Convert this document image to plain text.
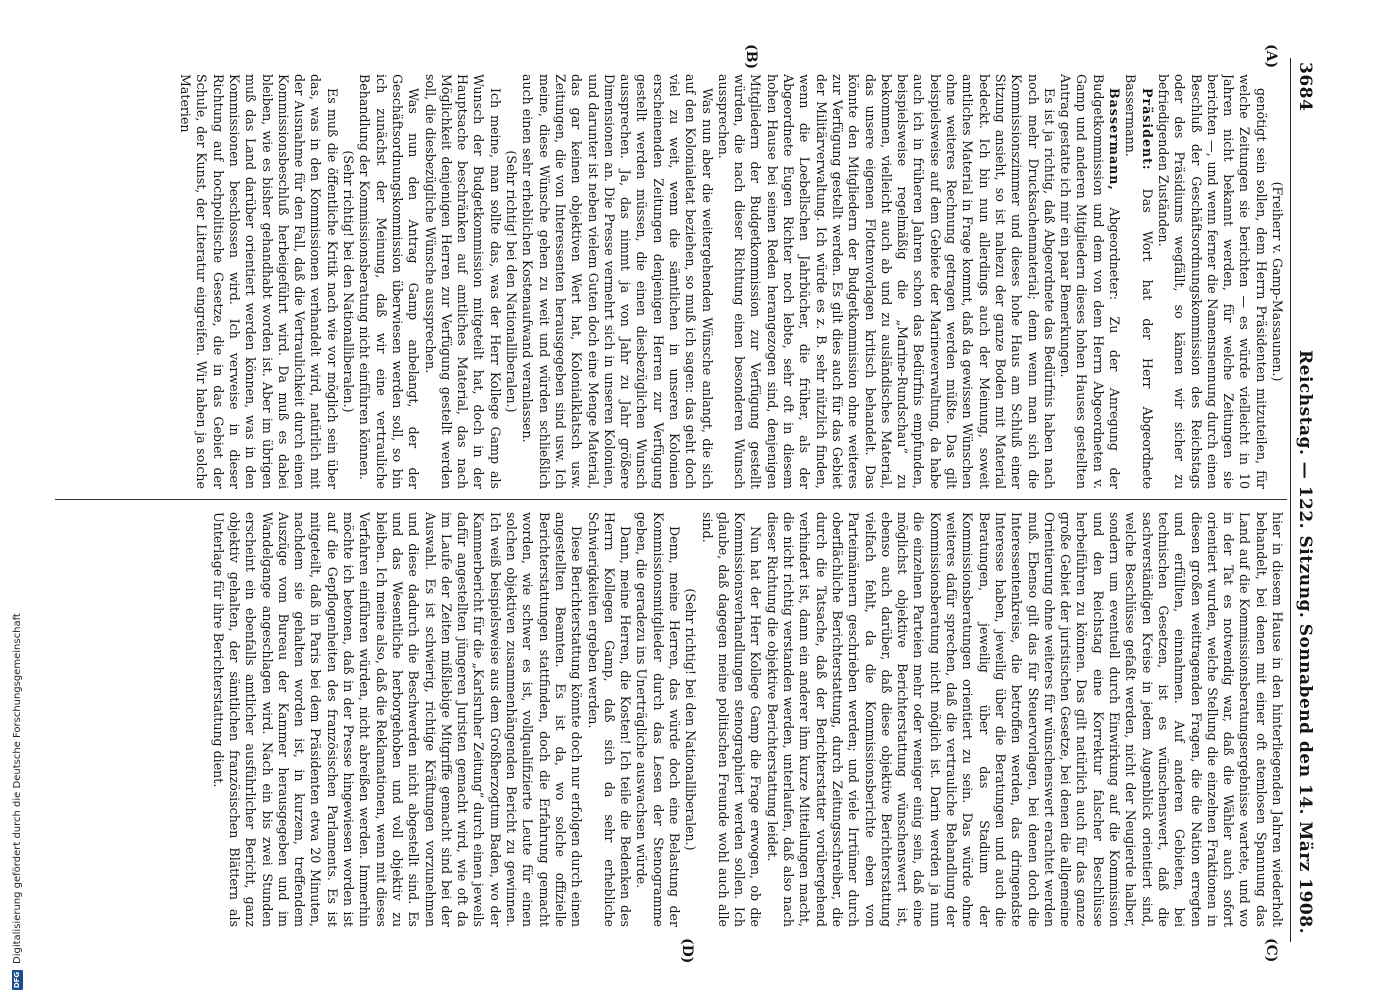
3684
Reichstag. — 122. Sitzung.
Sonnabend den 14. März 1908.
(A)
(B)
(C)
(D)

(Freiherr v. Gamp-Massaunen.)

genötigt sein sollen, dem Herrn Präsidenten mitzuteilen, für welche Zeitungen sie berichten — es würde vielleicht in 10 Jahren nicht bekannt werden, für welche Zeitungen sie berichten —, und wenn ferner die Namensnennung durch einen Beschluß der Geschäftsordnungskommission des Reichstags oder des Präsidiums wegfällt, so kämen wir sicher zu befriedigenden Zuständen.

Präsident: Das Wort hat der Herr Abgeordnete Bassermann.

Bassermann, Abgeordneter: Zu der Anregung der Budgetkommission und dem von dem Herrn Abgeordneten v. Gamp und anderen Mitgliedern dieses hohen Hauses gestellten Antrag gestatte ich mir ein paar Bemerkungen.

Es ist ja richtig, daß Abgeordnete das Bedürfnis haben nach noch mehr Drucksachenmaterial; denn wenn man sich die Kommissionszimmer und dieses hohe Haus am Schluß einer Sitzung ansieht, so ist nahezu der ganze Boden mit Material bedeckt. Ich bin nun allerdings auch der Meinung, soweit amtliches Material in Frage kommt, daß da gewissen Wünschen ohne weiteres Rechnung getragen werden müßte. Das gilt beispielsweise auf dem Gebiete der Marineverwaltung, da habe auch ich in früheren Jahren schon das Bedürfnis empfunden, beispielsweise regelmäßig die „Marine-Rundschau“ zu bekommen, vielleicht auch ab und zu ausländisches Material, das unsere eigenen Flottenvorlagen kritisch behandelt. Das könnte den Mitgliedern der Budgetkommission ohne weiteres zur Verfügung gestellt werden. Es gilt dies auch für das Gebiet der Militärverwaltung. Ich würde es z. B. sehr nützlich finden, wenn die Loebellschen Jahrbücher, die früher, als der Abgeordnete Eugen Richter noch lebte, sehr oft in diesem hohen Hause bei seinen Reden herangezogen sind, denjenigen Mitgliedern der Budgetkommission zur Verfügung gestellt würden, die nach dieser Richtung einen besonderen Wunsch aussprechen.

Was nun aber die weitergehenden Wünsche anlangt, die sich auf den Kolonialetat beziehen, so muß ich sagen: das geht doch viel zu weit, wenn die sämtlichen in unseren Kolonien erscheinenden Zeitungen denjenigen Herren zur Verfügung gestellt werden müssen, die einen diesbezüglichen Wunsch aussprechen. Ja, das nimmt ja von Jahr zu Jahr größere Dimensionen an. Die Presse vermehrt sich in unseren Kolonien, und darunter ist neben vielem Guten doch eine Menge Material, das gar keinen objektiven Wert hat, Kolonialklatsch usw. Zeitungen, die von Interessenten herausgegeben sind usw. Ich meine, diese Wünsche gehen zu weit und würden schließlich auch einen sehr erheblichen Kostenaufwand veranlassen.

(Sehr richtig! bei den Nationalliberalen.)

Ich meine, man sollte das, was der Herr Kollege Gamp als Wunsch der Budgetkommission mitgeteilt hat, doch in der Hauptsache beschränken auf amtliches Material, das nach Möglichkeit denjenigen Herren zur Verfügung gestellt werden soll, die diesbezügliche Wünsche aussprechen.

Was nun den Antrag Gamp anbelangt, der der Geschäftsordnungskommission überwiesen werden soll, so bin ich zunächst der Meinung, daß wir eine vertrauliche Behandlung der Kommissionsberatung nicht einführen können.

(Sehr richtig! bei den Nationalliberalen.)

Es muß die öffentliche Kritik nach wie vor möglich sein über das, was in den Kommissionen verhandelt wird, natürlich mit der Ausnahme für den Fall, daß die Vertraulichkeit durch einen Kommissionsbeschluß herbeigeführt wird. Da muß es dabei bleiben, wie es bisher gehandhabt worden ist. Aber im übrigen muß das Land darüber orientiert werden können, was in den Kommissionen beschlossen wird. Ich verweise in dieser Richtung auf hochpolitische Gesetze, die in das Gebiet der Schule, der Kunst, der Literatur eingreifen. Wir haben ja solche Materien

hier in diesem Hause in den hinterliegenden Jahren wiederholt behandelt, bei denen mit einer oft atemlosen Spannung das Land auf die Kommissionsberatungsergebnisse wartete, und wo in der Tat es notwendig war, daß die Wähler auch sofort orientiert wurden, welche Stellung die einzelnen Fraktionen in diesen großen weittragenden Fragen, die die Nation erregten und erfüllten, einnahmen. Auf anderen Gebieten, bei technischen Gesetzen, ist es wünschenswert, daß die sachverständigen Kreise in jedem Augenblick orientiert sind, welche Beschlüsse gefaßt werden, nicht der Neugierde halber, sondern um eventuell durch Einwirkung auf die Kommission und den Reichstag eine Korrektur falscher Beschlüsse herbeiführen zu können. Das gilt natürlich auch für das ganze große Gebiet der juristischen Gesetze, bei denen die allgemeine Orientierung ohne weiteres für wünschenswert erachtet werden muß. Ebenso gilt das für Steuervorlagen, bei denen doch die Interessentenkreise, die betroffen werden, das dringendste Interesse haben, jeweilig über die Beratungen und auch die Beratungen, jeweilig über das Stadium der Kommissionsberatungen orientiert zu sein. Das würde ohne weiteres dafür sprechen, daß die vertrauliche Behandlung der Kommissionsberatung nicht möglich ist. Darin werden ja nun die einzelnen Parteien mehr oder weniger einig sein, daß eine möglichst objektive Berichterstattung wünschenswert ist, ebenso auch darüber, daß diese objektive Berichterstattung vielfach fehlt, da die Kommissionsberichte eben von Parteimännern geschrieben werden; und viele Irrtümer durch oberflächliche Berichterstattung, durch Zeitungsschreiber, die durch die Tatsache, daß der Berichterstatter vorübergehend verhindert ist, dann ein anderer ihm kurze Mitteilungen macht, die nicht richtig verstanden werden, unterlaufen, daß also nach dieser Richtung die objektive Berichterstattung leidet.

Nun hat der Herr Kollege Gamp die Frage erwogen, ob die Kommissionsverhandlungen stenographiert werden sollen. Ich glaube, daß dagegen meine politischen Freunde wohl auch alle sind.

(Sehr richtig! bei den Nationalliberalen.)

Denn, meine Herren, das würde doch eine Belastung der Kommissionsmitglieder durch das Lesen der Stenogramme geben, die geradezu ins Unerträgliche auswachsen würde.

Dann, meine Herren, die Kosten! Ich teile die Bedenken des Herrn Kollegen Gamp, daß sich da sehr erhebliche Schwierigkeiten ergeben werden.

Diese Berichterstattung könnte doch nur erfolgen durch einen angestellten Beamten. Es ist da, wo solche offizielle Berichterstattungen stattfinden, doch die Erfahrung gemacht worden, wie schwer es ist, vollqualifizierte Leute für einen solchen objektiven zusammenhängenden Bericht zu gewinnen. Ich weiß beispielsweise aus dem Großherzogtum Baden, wo der Kammerbericht für die „Karlsruher Zeitung“ durch einen jeweils dafür angestellten jüngeren Juristen gemacht wird, wie oft da im Laufe der Zeiten mißliebige Mitgriffe gemacht sind bei der Auswahl. Es ist schwierig, richtige Kräftungen vorzunehmen und diese dadurch die Beschwerden nicht abgestellt sind. Es und das Wesentliche herborgehoben und voll objektiv zu bleiben. Ich meine also, daß die Reklamationen, wenn mit dieses Verfahren einführen würden, nicht abreißen werden. Immerhin möchte ich betonen, daß in der Presse hingewiesen worden ist auf die Gepflogenheiten des französischen Parlaments. Es ist mitgeteilt, daß in Paris bei dem Präsidenten etwa 20 Minuten, nachdem sie gehalten worden ist, in kurzem, treffendem Auszüge vom Bureau der Kammer herausgegeben und im Wandelgange angeschlagen wird. Nach ein bis zwei Stunden erscheint ein ebenfalls amtlicher ausführlicher Bericht, ganz objektiv gehalten, der sämtlichen französischen Blättern als Unterlage für ihre Berichterstattung dient.

DFG
Digitalisierung gefördert durch die Deutsche Forschungsgemeinschaft
